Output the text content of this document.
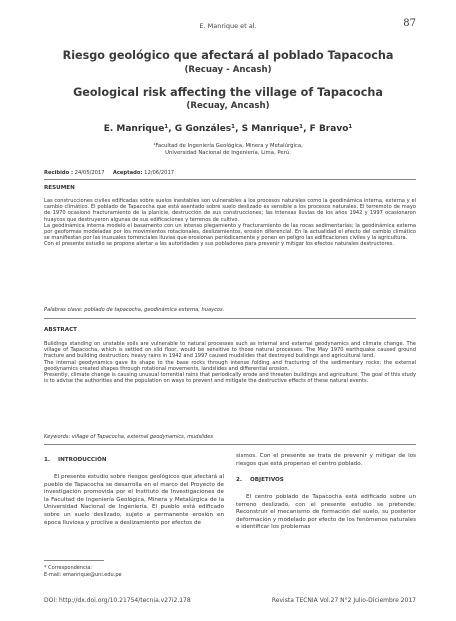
E. Manrique et al.	87
Riesgo geológico que afectará al poblado Tapacocha
(Recuay - Ancash)
Geological risk affecting the village of Tapacocha
(Recuay, Ancash)
E. Manrique¹, G Gonzáles¹, S Manrique¹, F Bravo¹
¹Facultad de Ingeniería Geológica, Minera y Metalúrgica,
Universidad Nacional de Ingeniería, Lima, Perú.
Recibido : 24/05/2017 Aceptado: 12/06/2017
RESUMEN

Las construcciones civiles edificadas sobre suelos inestables son vulnerables a los procesos naturales como la geodinámica interna, externa y el cambio climático. El poblado de Tapacocha que está asentado sobre suelo deslizado es sensible a los procesos naturales. El terremoto de mayo de 1970 ocasionó fracturamiento de la planicie, destrucción de sus construcciones; las intensas lluvias de los años 1942 y 1997 ocasionaron huaycos que destruyeron algunas de sus edificaciones y terrenos de cultivo.

La geodinámica interna modeló el basamento con un intenso plegamiento y fracturamiento de las rocas sedimentarias; la geodinámica externa por geoformas modeladas por los movimientos rotacionales, deslizamientos, erosión diferencial. En la actualidad el efecto del cambio climático se manifiestan por las inusuales torrenciales lluvias que erosionan periódicamente y ponen en peligro las edificaciones civiles y la agricultura.

Con el presente estudio se propone alertar a las autoridades y sus pobladores para prevenir y mitigar los efectos naturales destructores.

Palabras clave: poblado de tapacocha, geodinámica externa, huaycos.
ABSTRACT

Buildings standing on unstable soils are vulnerable to natural processes such as internal and external geodynamics and climate change. The village of Tapacocha, which is settled on slid floor, would be sensitive to those natural processes. The May 1970 earthquake caused ground fracture and building destruction; heavy rains in 1942 and 1997 caused mudslides that destroyed buildings and agricultural land.

The internal geodynamics gave its shape to the base rocks through intense folding and fracturing of the sedimentary rocks; the external geodynamics created shapes through rotational movements, landslides and differential erosion.

Presently, climate change is causing unusual torrential rains that periodically erode and threaten buildings and agriculture. The goal of this study is to advise the authorities and the population on ways to prevent and mitigate the destructive effects of these natural events.

Keywords: village of Tapacocha, external geodynamics, mudslides
1. INTRODUCCIÓN

El presente estudio sobre riesgos geológicos que afectará al pueblo de Tapacocha se desarrolla en el marco del Proyecto de investigación promovida por el Instituto de Investigaciones de la Facultad de Ingeniería Geológica, Minera y Metalúrgica de la Universidad Nacional de Ingeniería. El pueblo está edificado sobre un suelo deslizado, sujeto a permanente erosión en época lluviosa y proclive a deslizamiento por efectos de

sismos. Con el presente se trata de prevenir y mitigar de los riesgos que está propenso el centro poblado.

2. OBJETIVOS

El centro poblado de Tapacocha está edificado sobre un terreno deslizado, con el presente estudio se pretende: Reconstruir el mecanismo de formación del suelo, su posterior deformación y modelado por efecto de los fenómenos naturales e identificar los problemas

* Correspondencia:
E-mail: emanrique@uni.edu.pe
DOI: http://dx.doi.org/10.21754/tecnia.v27i2.178	Revista TECNIA Vol.27 N°2 Julio-Diciembre 2017
